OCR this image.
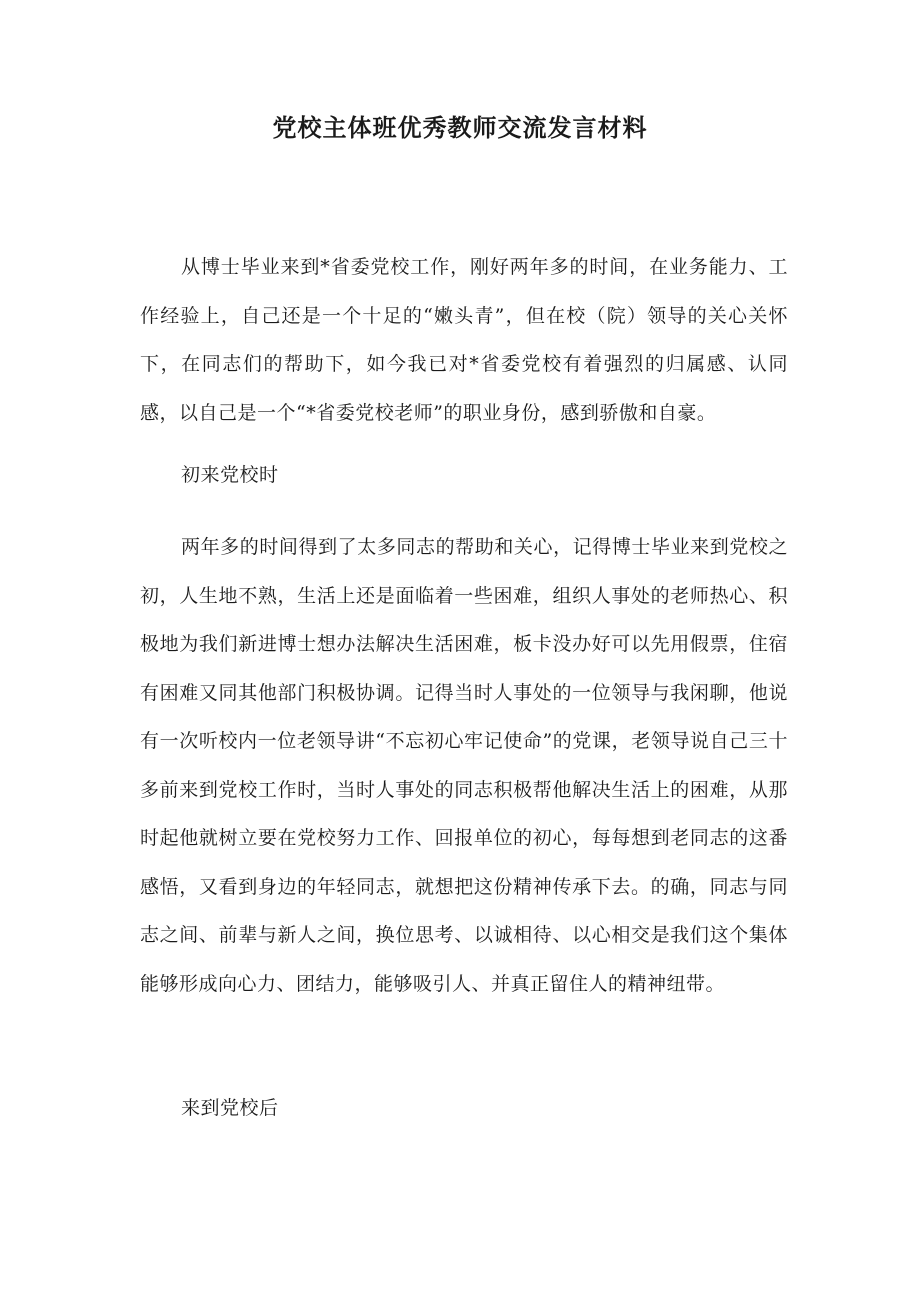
党校主体班优秀教师交流发言材料

从博士毕业来到*省委党校工作，刚好两年多的时间，在业务能力、工作经验上，自己还是一个十足的“嫩头青”，但在校（院）领导的关心关怀下，在同志们的帮助下，如今我已对*省委党校有着强烈的归属感、认同感，以自己是一个“*省委党校老师”的职业身份，感到骄傲和自豪。

初来党校时

两年多的时间得到了太多同志的帮助和关心，记得博士毕业来到党校之初，人生地不熟，生活上还是面临着一些困难，组织人事处的老师热心、积极地为我们新进博士想办法解决生活困难，板卡没办好可以先用假票，住宿有困难又同其他部门积极协调。记得当时人事处的一位领导与我闲聊，他说有一次听校内一位老领导讲“不忘初心牢记使命”的党课，老领导说自己三十多前来到党校工作时，当时人事处的同志积极帮他解决生活上的困难，从那时起他就树立要在党校努力工作、回报单位的初心，每每想到老同志的这番感悟，又看到身边的年轻同志，就想把这份精神传承下去。的确，同志与同志之间、前辈与新人之间，换位思考、以诚相待、以心相交是我们这个集体能够形成向心力、团结力，能够吸引人、并真正留住人的精神纽带。

来到党校后
